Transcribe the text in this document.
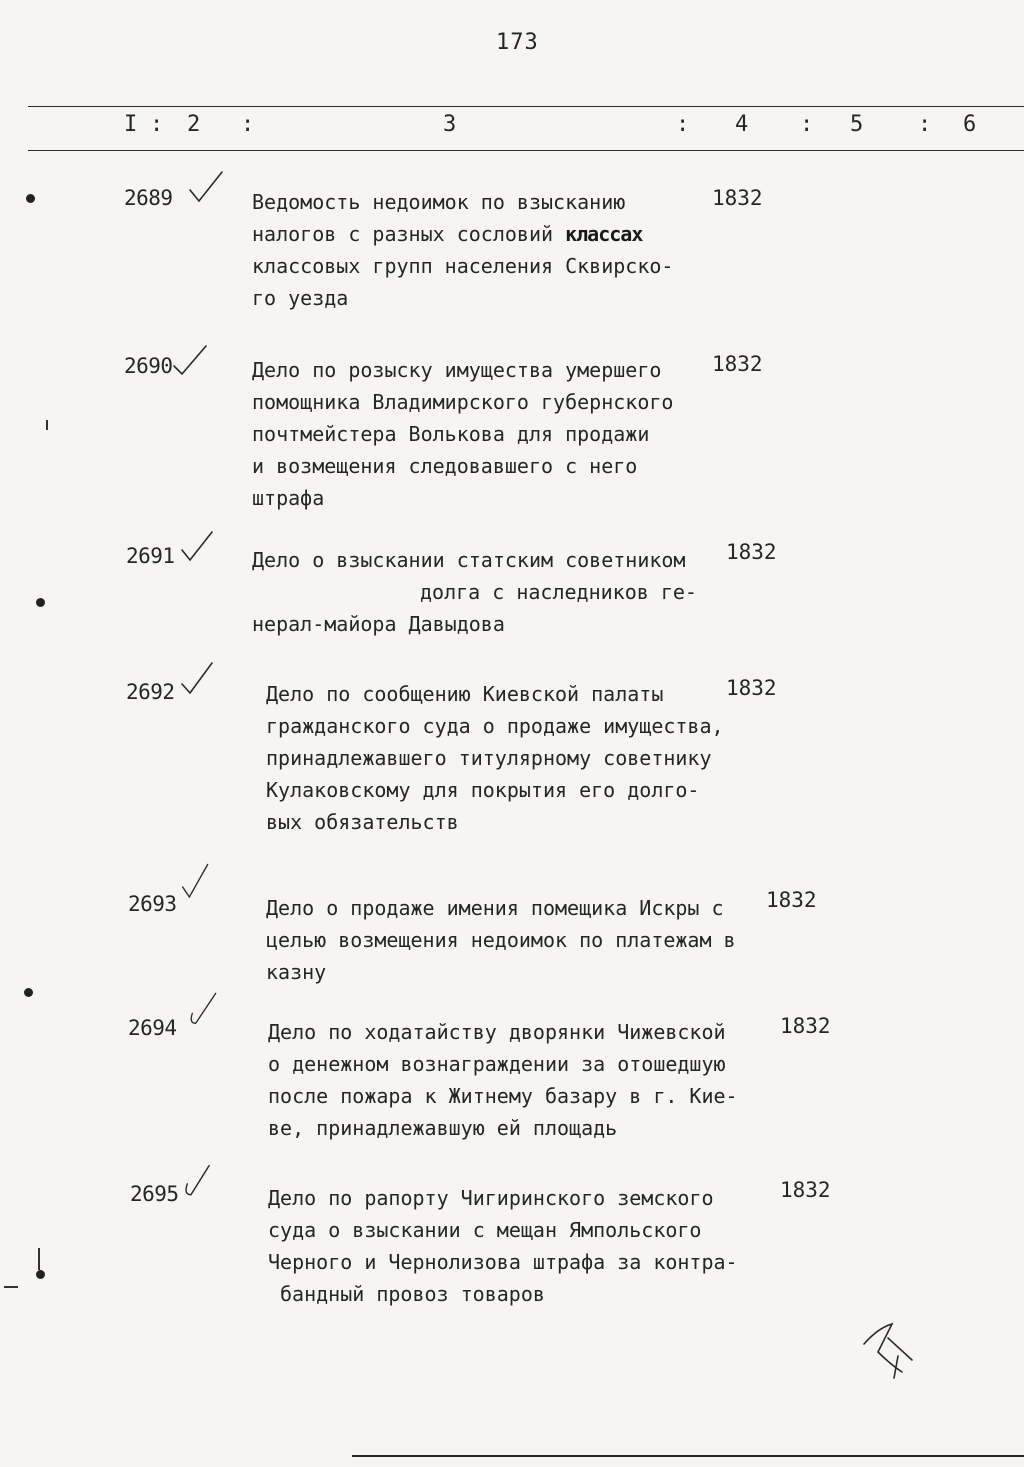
173
I : 2 :	3	: 4 : 5 : 6
2689	Ведомость недоимок по взысканию
налогов с разных сословий классах
классовых групп населения Сквирско-
го уезда
1832
2690	Дело по розыску имущества умершего
помощника Владимирского губернского
почтмейстера Волькова для продажи
и возмещения следовавшего с него
штрафа
1832
2691	Дело о взыскании статским советником
долга с наследников ге-
нерал-майора Давыдова
1832
2692	Дело по сообщению Киевской палаты
гражданского суда о продаже имущества,
принадлежавшего титулярному советнику
Кулаковскому для покрытия его долго-
вых обязательств
1832
2693	Дело о продаже имения помещика Искры с
целью возмещения недоимок по платежам в
казну
1832
2694	Дело по ходатайству дворянки Чижевской
о денежном вознаграждении за отошедшую
после пожара к Житнему базару в г. Кие-
ве, принадлежавшую ей площадь
1832
2695	Дело по рапорту Чигиринского земского
суда о взыскании с мещан Ямпольского
Черного и Чернолизова штрафа за контра-
бандный провоз товаров
1832
